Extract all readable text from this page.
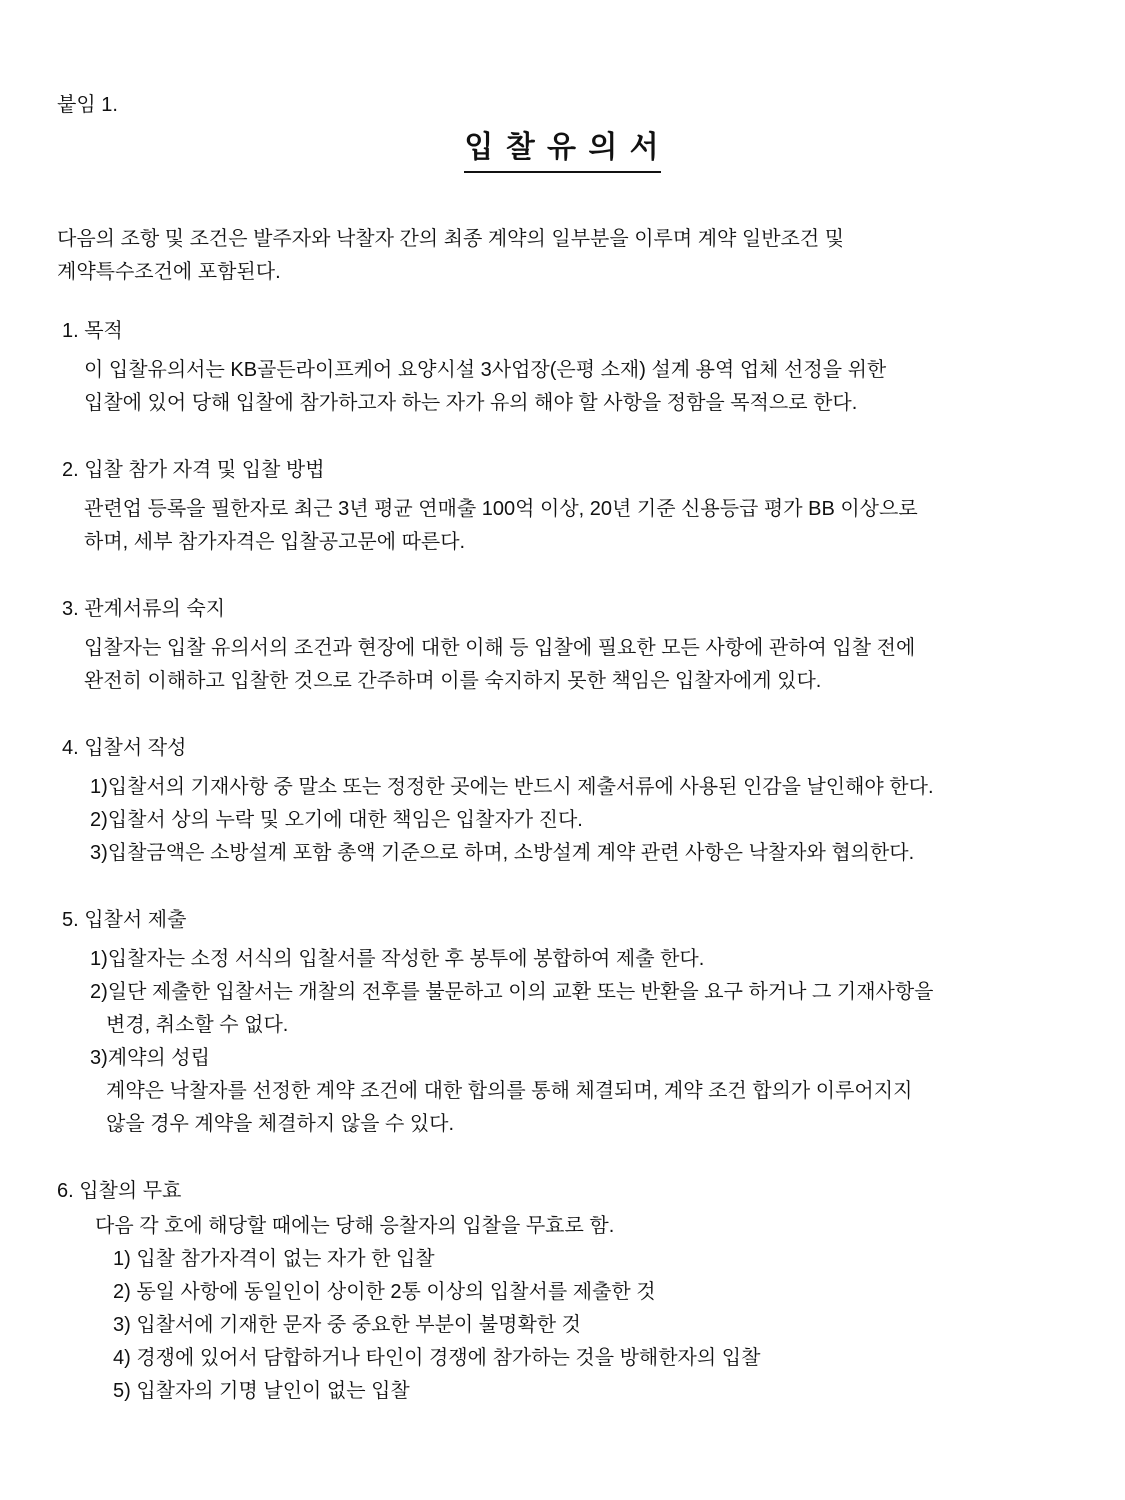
붙임 1.
입 찰 유 의 서
다음의 조항 및 조건은 발주자와 낙찰자 간의 최종 계약의 일부분을 이루며 계약 일반조건 및
계약특수조건에 포함된다.
1. 목적
이 입찰유의서는 KB골든라이프케어 요양시설 3사업장(은평 소재) 설계 용역 업체 선정을 위한
입찰에 있어 당해 입찰에 참가하고자 하는 자가 유의 해야 할 사항을 정함을 목적으로 한다.
2. 입찰 참가 자격 및 입찰 방법
관련업 등록을 필한자로 최근 3년 평균 연매출 100억 이상, 20년 기준 신용등급 평가 BB 이상으로
하며, 세부 참가자격은 입찰공고문에 따른다.
3. 관계서류의 숙지
입찰자는 입찰 유의서의 조건과 현장에 대한 이해 등 입찰에 필요한 모든 사항에 관하여 입찰 전에
완전히 이해하고 입찰한 것으로 간주하며 이를 숙지하지 못한 책임은 입찰자에게 있다.
4. 입찰서 작성
1)입찰서의 기재사항 중 말소 또는 정정한 곳에는 반드시 제출서류에 사용된 인감을 날인해야 한다.
2)입찰서 상의 누락 및 오기에 대한 책임은 입찰자가 진다.
3)입찰금액은 소방설계 포함 총액 기준으로 하며, 소방설계 계약 관련 사항은 낙찰자와 협의한다.
5. 입찰서 제출
1)입찰자는 소정 서식의 입찰서를 작성한 후 봉투에 봉합하여 제출 한다.
2)일단 제출한 입찰서는 개찰의 전후를 불문하고 이의 교환 또는 반환을 요구 하거나 그 기재사항을
변경, 취소할 수 없다.
3)계약의 성립
계약은 낙찰자를 선정한 계약 조건에 대한 합의를 통해 체결되며, 계약 조건 합의가 이루어지지
않을 경우 계약을 체결하지 않을 수 있다.
6. 입찰의 무효
다음 각 호에 해당할 때에는 당해 응찰자의 입찰을 무효로 함.
1) 입찰 참가자격이 없는 자가 한 입찰
2) 동일 사항에 동일인이 상이한 2통 이상의 입찰서를 제출한 것
3) 입찰서에 기재한 문자 중 중요한 부분이 불명확한 것
4) 경쟁에 있어서 담합하거나 타인이 경쟁에 참가하는 것을 방해한자의 입찰
5) 입찰자의 기명 날인이 없는 입찰
